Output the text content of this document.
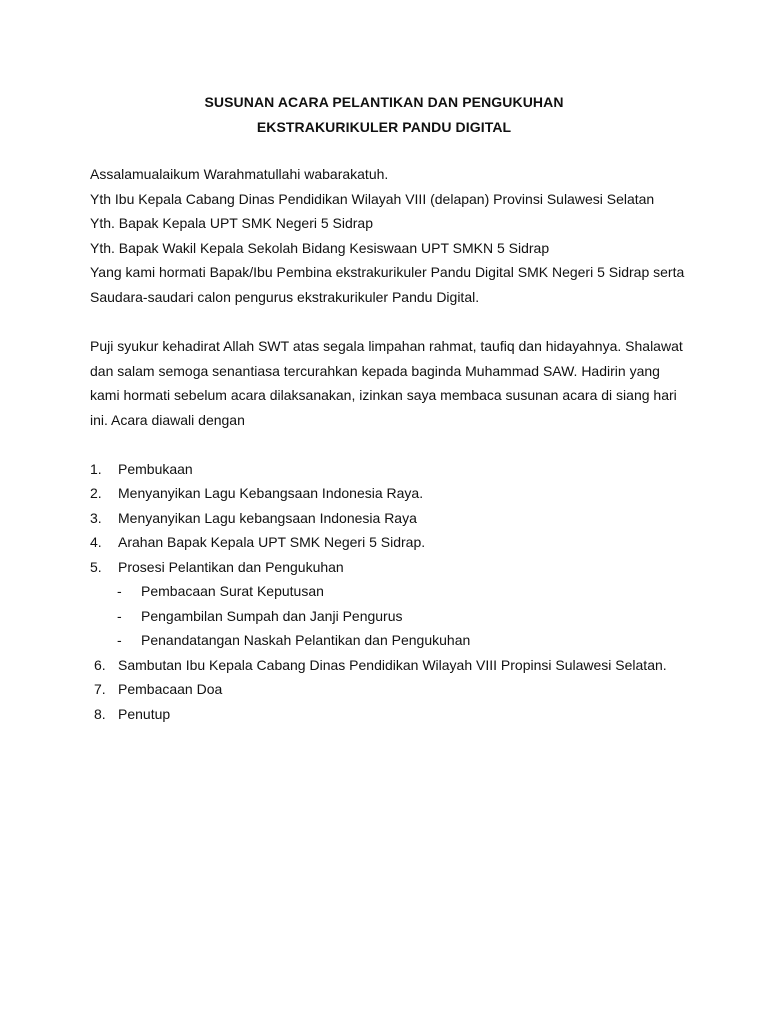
SUSUNAN ACARA PELANTIKAN DAN PENGUKUHAN
EKSTRAKURIKULER PANDU DIGITAL
Assalamualaikum Warahmatullahi wabarakatuh.
Yth Ibu Kepala Cabang Dinas Pendidikan Wilayah VIII (delapan) Provinsi Sulawesi Selatan
Yth. Bapak Kepala UPT SMK Negeri 5 Sidrap
Yth. Bapak Wakil Kepala Sekolah Bidang Kesiswaan UPT SMKN 5 Sidrap
Yang kami hormati Bapak/Ibu Pembina ekstrakurikuler Pandu Digital SMK Negeri 5 Sidrap serta
Saudara-saudari calon pengurus ekstrakurikuler Pandu Digital.
Puji syukur kehadirat Allah SWT atas segala limpahan rahmat, taufiq dan hidayahnya. Shalawat
dan salam semoga senantiasa tercurahkan kepada baginda Muhammad SAW. Hadirin yang
kami hormati sebelum acara dilaksanakan, izinkan saya membaca susunan acara di siang hari
ini. Acara diawali dengan
1.	Pembukaan
2.	Menyanyikan Lagu Kebangsaan Indonesia Raya.
3.	Menyanyikan Lagu kebangsaan Indonesia Raya
4.	Arahan Bapak Kepala UPT SMK Negeri 5 Sidrap.
5.	Prosesi Pelantikan dan Pengukuhan
- Pembacaan Surat Keputusan
- Pengambilan Sumpah dan Janji Pengurus
- Penandatangan Naskah Pelantikan dan Pengukuhan
6. Sambutan Ibu Kepala Cabang Dinas Pendidikan Wilayah VIII Propinsi Sulawesi Selatan.
7. Pembacaan Doa
8. Penutup
